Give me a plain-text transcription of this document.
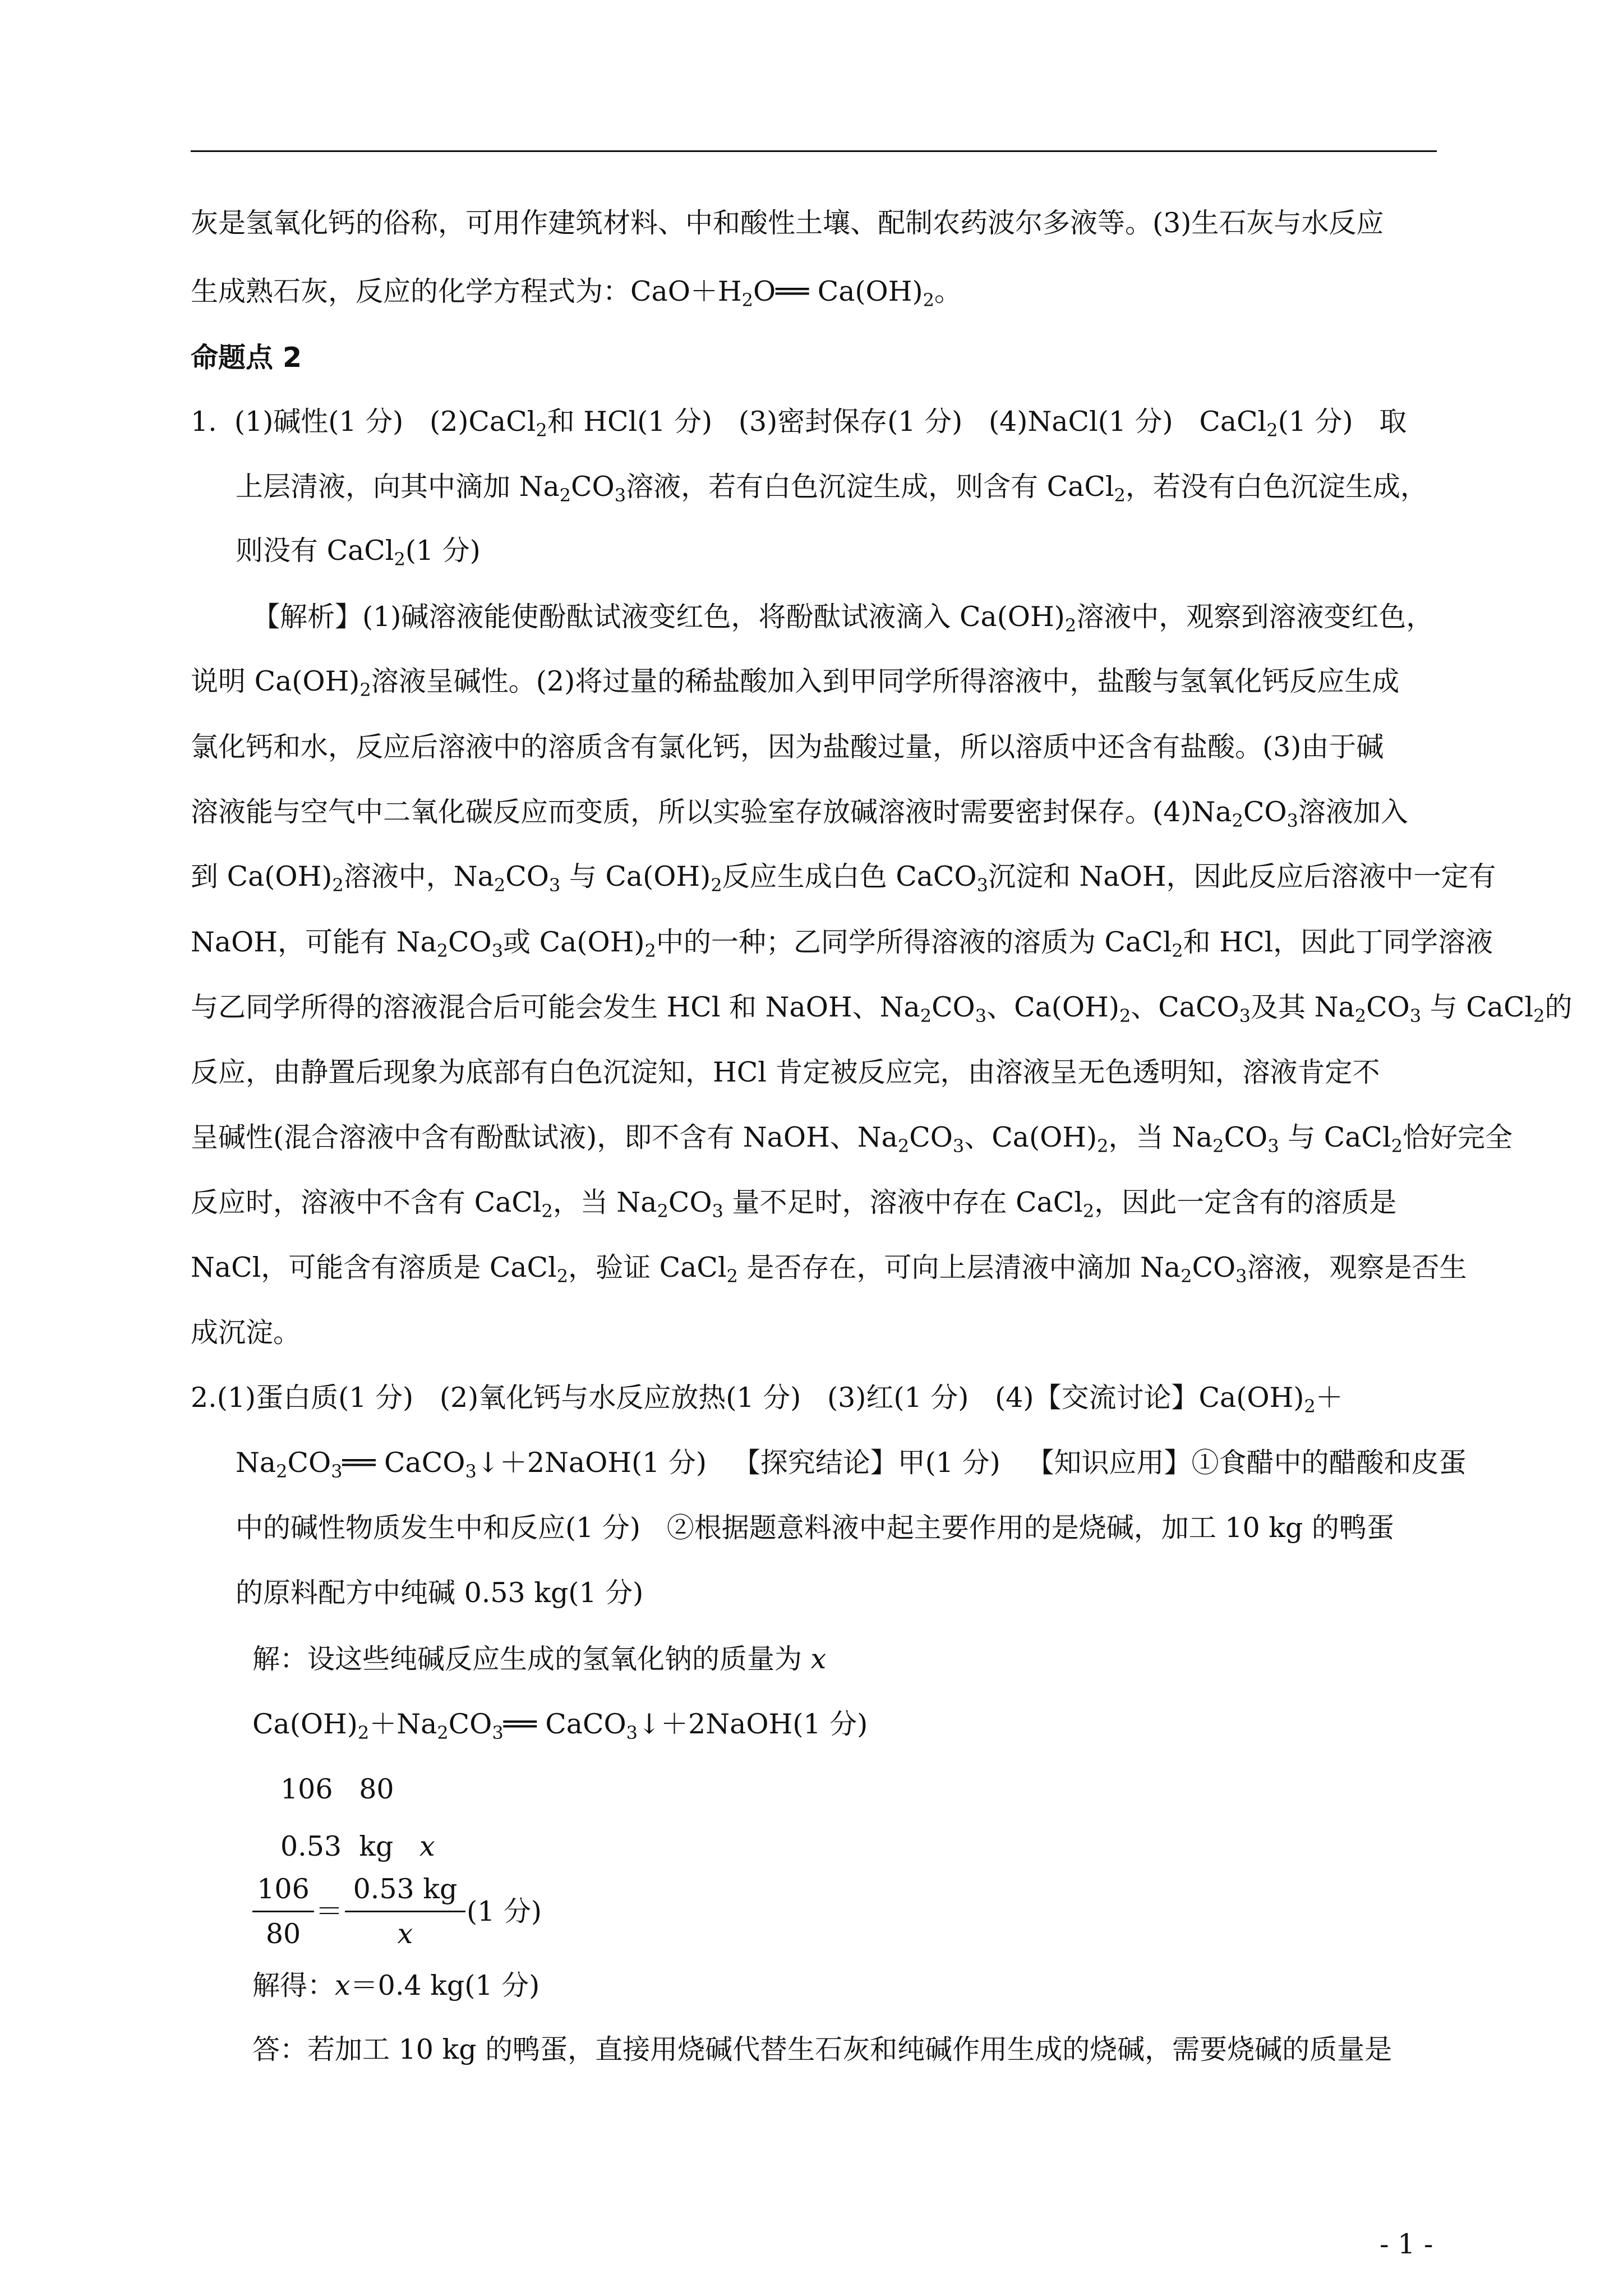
灰是氢氧化钙的俗称，可用作建筑材料、中和酸性土壤、配制农药波尔多液等。(3)生石灰与水反应
生成熟石灰，反应的化学方程式为：$CaO+H_2O══$ $Ca(OH)_2$。
命题点 2
1.  (1)碱性(1 分)   (2)CaCl$_2$和 HCl(1 分)   (3)密封保存(1 分)   (4)NaCl(1 分)   CaCl$_2$(1 分)   取
上层清液，向其中滴加 $Na_2CO_3$溶液，若有白色沉淀生成，则含有 CaCl$_2$，若没有白色沉淀生成，
则没有 CaCl$_2$(1 分)
【解析】(1)碱溶液能使酚酞试液变红色，将酚酞试液滴入 $Ca(OH)_2$溶液中，观察到溶液变红色，
说明 $Ca(OH)_2$溶液呈碱性。(2)将过量的稀盐酸加入到甲同学所得溶液中，盐酸与氢氧化钙反应生成
氯化钙和水，反应后溶液中的溶质含有氯化钙，因为盐酸过量，所以溶质中还含有盐酸。(3)由于碱
溶液能与空气中二氧化碳反应而变质，所以实验室存放碱溶液时需要密封保存。$(4)Na_2CO_3$溶液加入
到 $Ca(OH)_2$溶液中，$Na_2CO_3$ 与 $Ca(OH)_2$反应生成白色 CaCO$_3$沉淀和 NaOH，因此反应后溶液中一定有
NaOH，可能有 $Na_2CO_3$或 $Ca(OH)_2$中的一种；乙同学所得溶液的溶质为 CaCl$_2$和 HCl，因此丁同学溶液
与乙同学所得的溶液混合后可能会发生 HCl 和 NaOH、$Na_2CO_3$、$Ca(OH)_2$、CaCO$_3$及其 $Na_2CO_3$ 与 CaCl$_2$的
反应，由静置后现象为底部有白色沉淀知，HCl 肯定被反应完，由溶液呈无色透明知，溶液肯定不
呈碱性(混合溶液中含有酚酞试液)，即不含有 NaOH、$Na_2CO_3$、$Ca(OH)_2$，当 $Na_2CO_3$ 与 CaCl$_2$恰好完全
反应时，溶液中不含有 CaCl$_2$，当 $Na_2CO_3$ 量不足时，溶液中存在 CaCl$_2$，因此一定含有的溶质是
NaCl，可能含有溶质是 CaCl$_2$，验证 CaCl$_2$ 是否存在，可向上层清液中滴加 $Na_2CO_3$溶液，观察是否生
成沉淀。
2.(1)蛋白质(1 分)   (2)氧化钙与水反应放热(1 分)   (3)红(1 分)   (4)【交流讨论】$Ca(OH)_2+$
$Na_2CO_3══$ CaCO$_3$↓＋2NaOH(1 分)   【探究结论】甲(1 分)   【知识应用】①食醋中的醋酸和皮蛋
中的碱性物质发生中和反应(1 分)   ②根据题意料液中起主要作用的是烧碱，加工 10 kg 的鸭蛋
的原料配方中纯碱 0.53 kg(1 分)
解：设这些纯碱反应生成的氢氧化钠的质量为 x
$Ca(OH)_2+Na_2CO_3══$ CaCO$_3$↓＋2NaOH(1 分)
106   80
0.53  kg   x
106
80
＝
0.53 kg
x
(1 分)
解得：x＝0.4 kg(1 分)
答：若加工 10 kg 的鸭蛋，直接用烧碱代替生石灰和纯碱作用生成的烧碱，需要烧碱的质量是
- 1 -
